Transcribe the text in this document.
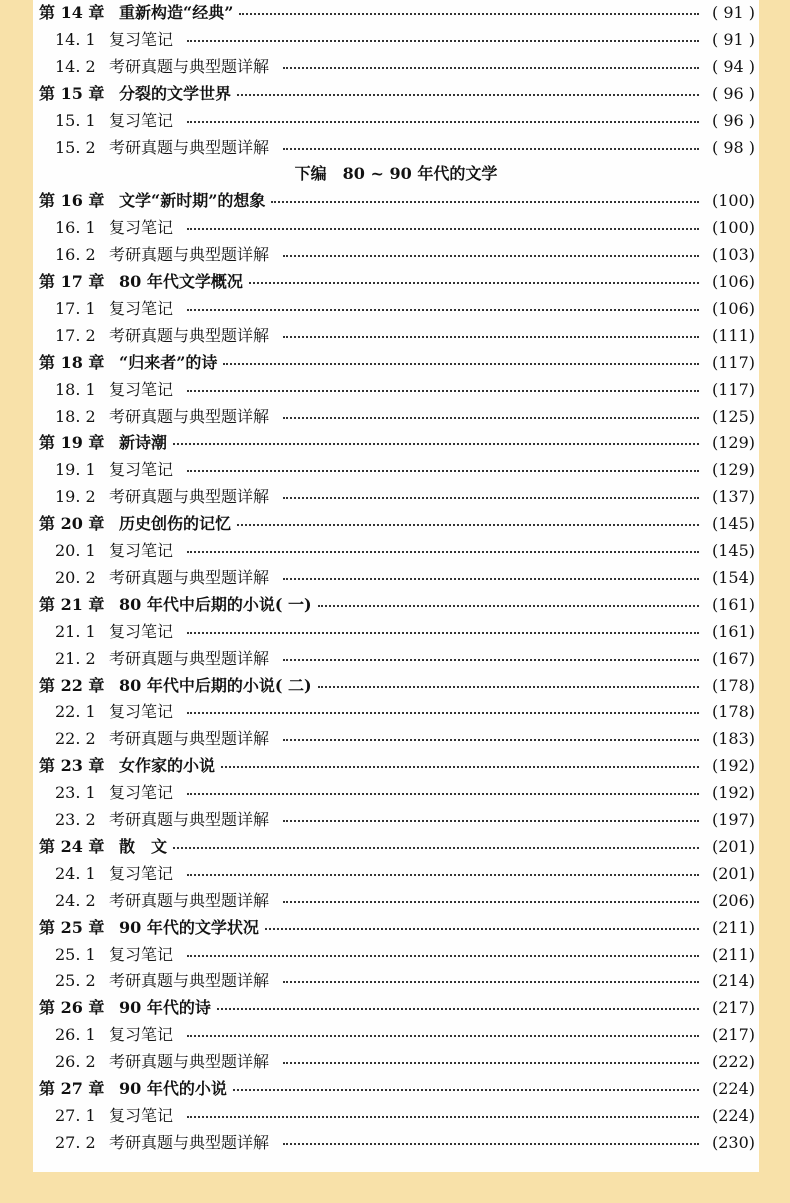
第 14 章 重新构造“经典”	( 91 )
14. 1 复习笔记	( 91 )
14. 2 考研真题与典型题详解	( 94 )
第 15 章 分裂的文学世界	( 96 )
15. 1 复习笔记	( 96 )
15. 2 考研真题与典型题详解	( 98 )
下编　80 ~ 90 年代的文学
第 16 章 文学“新时期”的想象	(100)
16. 1 复习笔记	(100)
16. 2 考研真题与典型题详解	(103)
第 17 章 80 年代文学概况	(106)
17. 1 复习笔记	(106)
17. 2 考研真题与典型题详解	(111)
第 18 章 “归来者”的诗	(117)
18. 1 复习笔记	(117)
18. 2 考研真题与典型题详解	(125)
第 19 章 新诗潮	(129)
19. 1 复习笔记	(129)
19. 2 考研真题与典型题详解	(137)
第 20 章 历史创伤的记忆	(145)
20. 1 复习笔记	(145)
20. 2 考研真题与典型题详解	(154)
第 21 章 80 年代中后期的小说( 一)	(161)
21. 1 复习笔记	(161)
21. 2 考研真题与典型题详解	(167)
第 22 章 80 年代中后期的小说( 二)	(178)
22. 1 复习笔记	(178)
22. 2 考研真题与典型题详解	(183)
第 23 章 女作家的小说	(192)
23. 1 复习笔记	(192)
23. 2 考研真题与典型题详解	(197)
第 24 章 散　文	(201)
24. 1 复习笔记	(201)
24. 2 考研真题与典型题详解	(206)
第 25 章 90 年代的文学状况	(211)
25. 1 复习笔记	(211)
25. 2 考研真题与典型题详解	(214)
第 26 章 90 年代的诗	(217)
26. 1 复习笔记	(217)
26. 2 考研真题与典型题详解	(222)
第 27 章 90 年代的小说	(224)
27. 1 复习笔记	(224)
27. 2 考研真题与典型题详解	(230)
